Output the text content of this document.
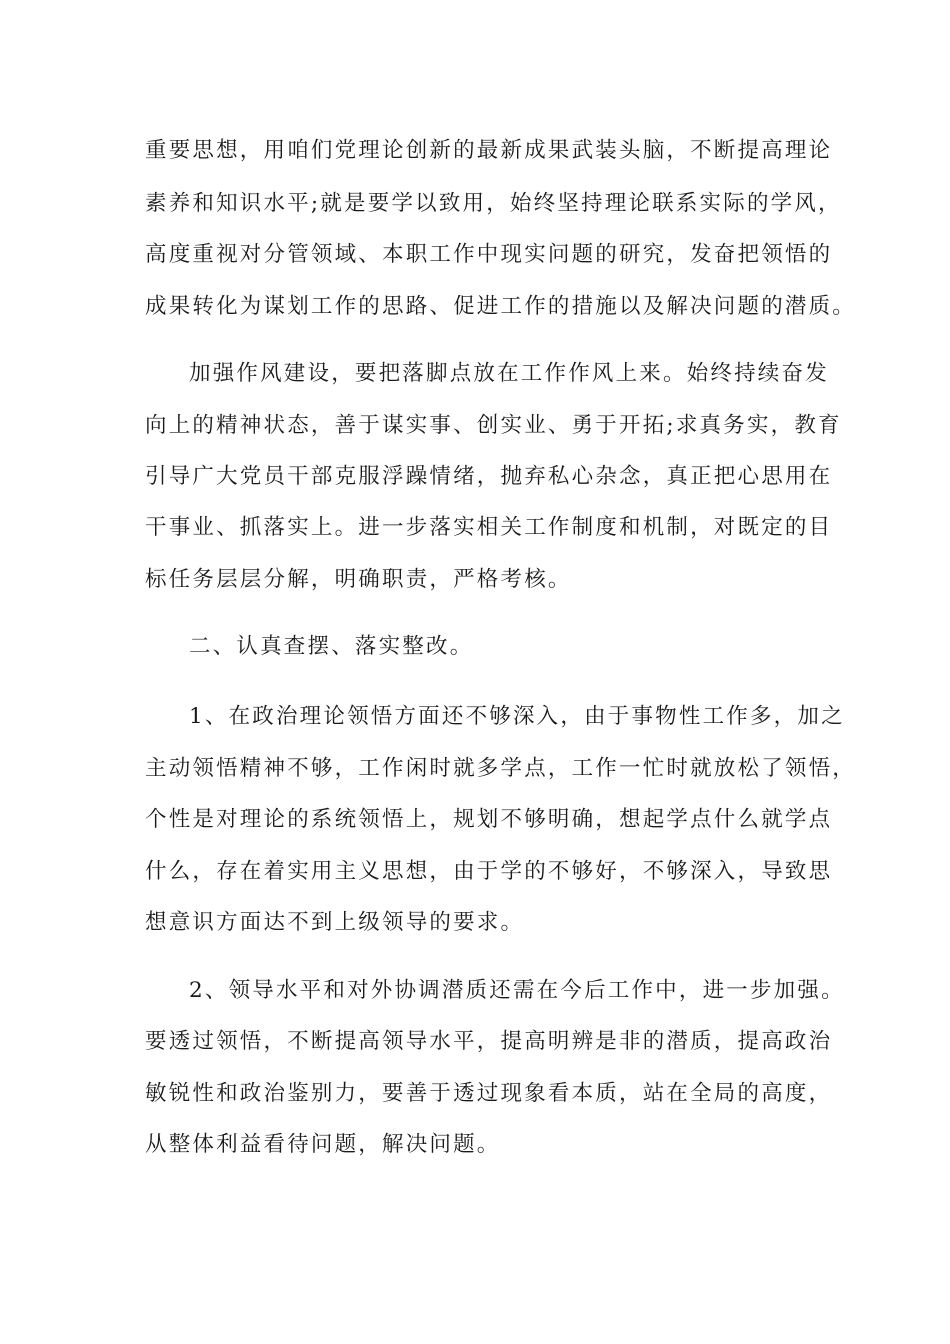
重要思想，用咱们党理论创新的最新成果武装头脑，不断提高理论
素养和知识水平;就是要学以致用，始终坚持理论联系实际的学风，
高度重视对分管领域、本职工作中现实问题的研究，发奋把领悟的
成果转化为谋划工作的思路、促进工作的措施以及解决问题的潜质。
加强作风建设，要把落脚点放在工作作风上来。始终持续奋发
向上的精神状态，善于谋实事、创实业、勇于开拓;求真务实，教育
引导广大党员干部克服浮躁情绪，抛弃私心杂念，真正把心思用在
干事业、抓落实上。进一步落实相关工作制度和机制，对既定的目
标任务层层分解，明确职责，严格考核。
二、认真查摆、落实整改。
1、在政治理论领悟方面还不够深入，由于事物性工作多，加之
主动领悟精神不够，工作闲时就多学点，工作一忙时就放松了领悟，
个性是对理论的系统领悟上，规划不够明确，想起学点什么就学点
什么，存在着实用主义思想，由于学的不够好，不够深入，导致思
想意识方面达不到上级领导的要求。
2、领导水平和对外协调潜质还需在今后工作中，进一步加强。
要透过领悟，不断提高领导水平，提高明辨是非的潜质，提高政治
敏锐性和政治鉴别力，要善于透过现象看本质，站在全局的高度，
从整体利益看待问题，解决问题。
